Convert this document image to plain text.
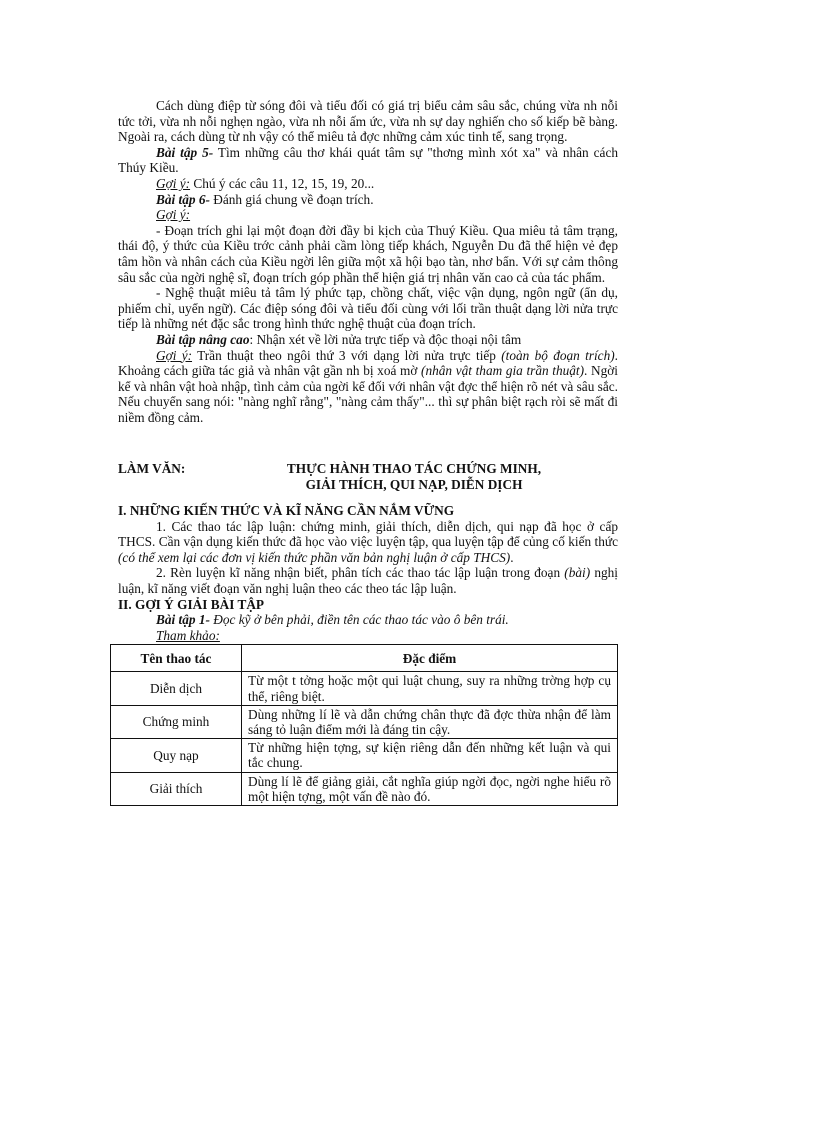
Cách dùng điệp từ sóng đôi và tiểu đối có giá trị biểu cảm sâu sắc, chúng vừa nh nỗi tức tởi, vừa nh nỗi nghẹn ngào, vừa nh nỗi ấm ức, vừa nh sự day nghiến cho số kiếp bẽ bàng. Ngoài ra, cách dùng từ nh vậy có thể miêu tả đợc những cảm xúc tinh tế, sang trọng.

Bài tập 5- Tìm những câu thơ khái quát tâm sự "thơng mình xót xa" và nhân cách Thúy Kiều.

Gợi ý: Chú ý các câu 11, 12, 15, 19, 20...

Bài tập 6- Đánh giá chung về đoạn trích.

Gợi ý:

- Đoạn trích ghi lại một đoạn đời đầy bi kịch của Thuý Kiều. Qua miêu tả tâm trạng, thái độ, ý thức của Kiều trớc cảnh phải cầm lòng tiếp khách, Nguyễn Du đã thể hiện vẻ đẹp tâm hồn và nhân cách của Kiều ngời lên giữa một xã hội bạo tàn, nhơ bẩn. Với sự cảm thông sâu sắc của ngời nghệ sĩ, đoạn trích góp phần thể hiện giá trị nhân văn cao cả của tác phẩm.

- Nghệ thuật miêu tả tâm lý phức tạp, chồng chất, việc vận dụng, ngôn ngữ (ẩn dụ, phiếm chỉ, uyển ngữ). Các điệp sóng đôi và tiểu đối cùng với lối trần thuật dạng lời nửa trực tiếp là những nét đặc sắc trong hình thức nghệ thuật của đoạn trích.

Bài tập nâng cao: Nhận xét về lời nửa trực tiếp và độc thoại nội tâm

Gợi ý: Trần thuật theo ngôi thứ 3 với dạng lời nửa trực tiếp (toàn bộ đoạn trích). Khoảng cách giữa tác giả và nhân vật gần nh bị xoá mờ (nhân vật tham gia trần thuật). Ngời kể và nhân vật hoà nhập, tình cảm của ngời kể đối với nhân vật đợc thể hiện rõ nét và sâu sắc. Nếu chuyển sang nói: "nàng nghĩ rằng", "nàng cảm thấy"... thì sự phân biệt rạch ròi sẽ mất đi niềm đồng cảm.

LÀM VĂN:	THỰC HÀNH THAO TÁC CHỨNG MINH,
GIẢI THÍCH, QUI NẠP, DIỄN DỊCH
I. NHỮNG KIẾN THỨC VÀ KĨ NĂNG CẦN NẮM VỮNG

1. Các thao tác lập luận: chứng minh, giải thích, diễn dịch, qui nạp đã học ở cấp THCS. Cần vận dụng kiến thức đã học vào việc luyện tập, qua luyện tập để củng cố kiến thức (có thể xem lại các đơn vị kiến thức phần văn bản nghị luận ở cấp THCS).

2. Rèn luyện kĩ năng nhận biết, phân tích các thao tác lập luận trong đoạn (bài) nghị luận, kĩ năng viết đoạn văn nghị luận theo các theo tác lập luận.

II. GỢI Ý GIẢI BÀI TẬP

Bài tập 1- Đọc kỹ ở bên phải, điền tên các thao tác vào ô bên trái.

Tham khảo:

Tên thao tác	Đặc điểm
Diễn dịch	Từ một t tởng hoặc một qui luật chung, suy ra những trờng hợp cụ thể, riêng biệt.
Chứng minh	Dùng những lí lẽ và dẫn chứng chân thực đã đợc thừa nhận để làm sáng tỏ luận điểm mới là đáng tin cậy.
Quy nạp	Từ những hiện tợng, sự kiện riêng dẫn đến những kết luận và qui tắc chung.
Giải thích	Dùng lí lẽ để giảng giải, cắt nghĩa giúp ngời đọc, ngời nghe hiểu rõ một hiện tợng, một vấn đề nào đó.
